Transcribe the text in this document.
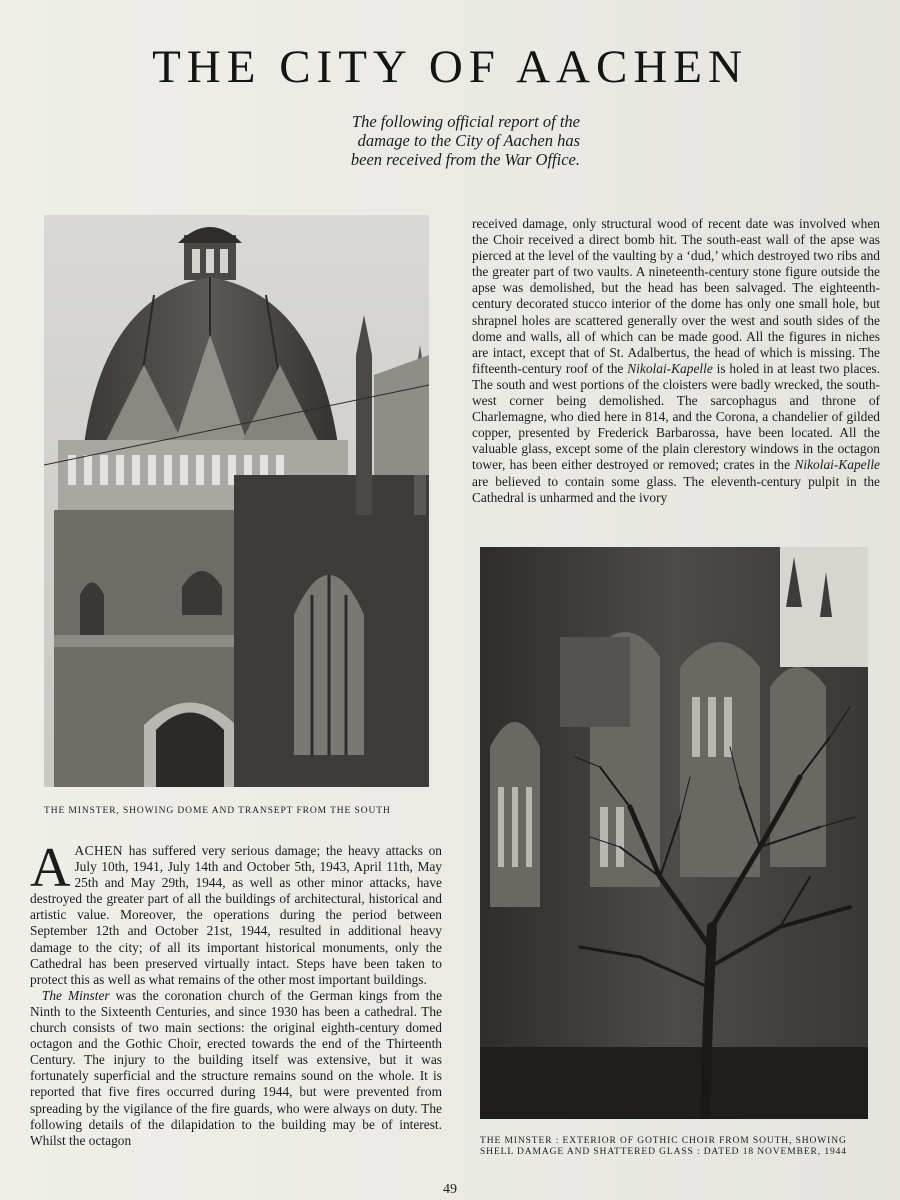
THE CITY OF AACHEN
The following official report of the damage to the City of Aachen has been received from the War Office.
THE MINSTER, SHOWING DOME AND TRANSEPT FROM THE SOUTH

received damage, only structural wood of recent date was involved when the Choir received a direct bomb hit. The south-east wall of the apse was pierced at the level of the vaulting by a ‘dud,’ which destroyed two ribs and the greater part of two vaults. A nineteenth-century stone figure outside the apse was demolished, but the head has been salvaged. The eighteenth-century decorated stucco interior of the dome has only one small hole, but shrapnel holes are scattered generally over the west and south sides of the dome and walls, all of which can be made good. All the figures in niches are intact, except that of St. Adalbertus, the head of which is missing. The fifteenth-century roof of the Nikolai-Kapelle is holed in at least two places. The south and west portions of the cloisters were badly wrecked, the south-west corner being demolished. The sarcophagus and throne of Charlemagne, who died here in 814, and the Corona, a chandelier of gilded copper, presented by Frederick Barbarossa, have been located. All the valuable glass, except some of the plain clerestory windows in the octagon tower, has been either destroyed or removed; crates in the Nikolai-Kapelle are believed to contain some glass. The eleventh-century pulpit in the Cathedral is unharmed and the ivory

THE MINSTER : EXTERIOR OF GOTHIC CHOIR FROM SOUTH, SHOWING SHELL DAMAGE AND SHATTERED GLASS : DATED 18 NOVEMBER, 1944

AACHEN has suffered very serious damage; the heavy attacks on July 10th, 1941, July 14th and October 5th, 1943, April 11th, May 25th and May 29th, 1944, as well as other minor attacks, have destroyed the greater part of all the buildings of architectural, historical and artistic value. Moreover, the operations during the period between September 12th and October 21st, 1944, resulted in additional heavy damage to the city; of all its important historical monuments, only the Cathedral has been preserved virtually intact. Steps have been taken to protect this as well as what remains of the other most important buildings.

The Minster was the coronation church of the German kings from the Ninth to the Sixteenth Centuries, and since 1930 has been a cathedral. The church consists of two main sections: the original eighth-century domed octagon and the Gothic Choir, erected towards the end of the Thirteenth Century. The injury to the building itself was extensive, but it was fortunately superficial and the structure remains sound on the whole. It is reported that five fires occurred during 1944, but were prevented from spreading by the vigilance of the fire guards, who were always on duty. The following details of the dilapidation to the building may be of interest. Whilst the octagon

49
